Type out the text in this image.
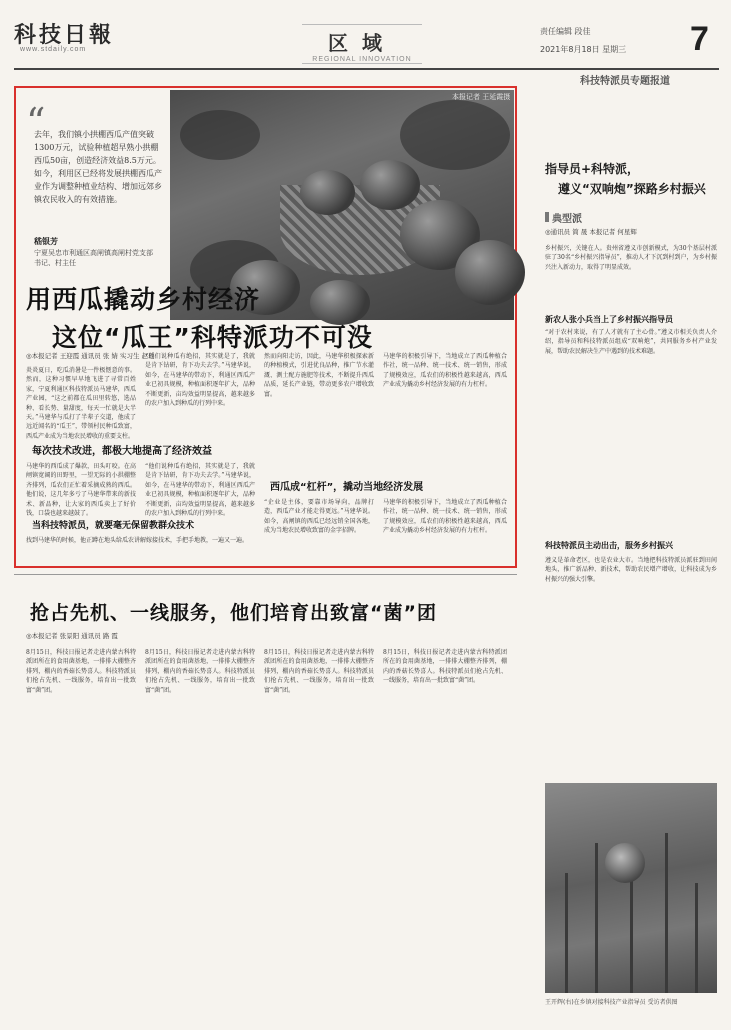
科技日報
www.stdaily.com	区域
REGIONAL INNOVATION
责任编辑 段佳
2021年8月18日 星期三 7
科技特派员专题报道
本报记者 王延霞摄
“
去年，我们镇小拱棚西瓜产值突破1300万元，试验种植超早熟小拱棚西瓜50亩，创造经济效益8.5万元。如今，利用区已经将发展拱棚西瓜产业作为调整种植业结构、增加远郊乡镇农民收入的有效措施。
嵇银芳
宁夏吴忠市利通区高闸镇高闸村党支部书记、村主任
用西瓜撬动乡村经济
这位“瓜王”科特派功不可没
◎本报记者 王迎霞 通讯员 张 婧 实习生 赵瑶
炎炎夏日，吃瓜消暑是一件极惬意的事。然而，这种习惯早早地飞进了寻常百姓家，宁夏利通区科技特派员马建华，西瓜产业园，“这之前都在瓜田里转悠，选品种、看长势、量甜度，每天一忙就是大半天。”马建华与瓜打了半辈子交道，他成了远近闻名的“瓜王”，带领村民种瓜致富，西瓜产业成为当地农民增收的重要支柱。
每次技术改进，都极大地提高了经济效益
马建华的西瓜成了爆款，田头叮咬。在高闸镇宽阔的田野里，一望无际的小拱棚整齐排列，瓜农们正忙着采摘成熟的西瓜。他们说，这几年多亏了马建华带来的新技术、新品种，让大家的西瓜卖上了好价钱，口袋也越来越鼓了。
“他们说种瓜有绝招，其实就是了，我就是肯下钻研，肯下功夫去学。”马建华说，如今，在马建华的带动下，利通区西瓜产业已初具规模，种植面积逐年扩大，品种不断更新，亩均效益明显提高，越来越多的农户加入到种瓜的行列中来。
“他们说种瓜有绝招，其实就是了，我就是肯下钻研，肯下功夫去学。”马建华说，如今，在马建华的带动下，利通区西瓜产业已初具规模，种植面积逐年扩大，品种不断更新，亩均效益明显提高，越来越多的农户加入到种瓜的行列中来。
然而向阳走访，因此，马建华积极探索新的种植模式，引进优良品种，推广节水灌溉、测土配方施肥等技术，不断提升西瓜品质，延长产业链，带动更多农户增收致富。
西瓜成“杠杆”，撬动当地经济发展
“企业是主体，要靠市场导向，品牌打造，西瓜产业才能走得更远。”马建华说。如今，高闸镇的西瓜已经远销全国各地，成为当地农民增收致富的金字招牌。
马建华的积极引导下，当地成立了西瓜种植合作社，统一品种、统一技术、统一销售，形成了规模效应，瓜农们的积极性越来越高，西瓜产业成为撬动乡村经济发展的有力杠杆。
马建华的积极引导下，当地成立了西瓜种植合作社，统一品种、统一技术、统一销售，形成了规模效应，瓜农们的积极性越来越高，西瓜产业成为撬动乡村经济发展的有力杠杆。
当科技特派员，就要毫无保留教群众技术
找到马建华的时候，他正蹲在地头给瓜农讲解嫁接技术，手把手地教，一遍又一遍。
指导员+科特派，
遵义“双响炮”探路乡村振兴
典型派
◎通讯员 简 晟 本报记者 何星辉
乡村振兴，关键在人。贵州省遵义市创新模式，为30个基层村派驻了30名“乡村振兴指导员”，推动人才下沉到村到户，为乡村振兴注入新动力，取得了明显成效。
新农人张小兵当上了乡村振兴指导员
“对于农村来说，有了人才就有了主心骨。”遵义市相关负责人介绍，指导员和科技特派员组成“双响炮”，共同服务乡村产业发展，帮助农民解决生产中遇到的技术难题。
科技特派员主动出击，服务乡村振兴
遵义是革命老区，也是农业大市。当地把科技特派员派驻到田间地头，推广新品种、新技术，帮助农民增产增收，让科技成为乡村振兴的强大引擎。
王开辉(右)在乡镇对接科技产业指导员 受访者供图
抢占先机、一线服务，他们培育出致富“菌”团
◎本报记者 张景阳 通讯员 路 霞
8月15日，科技日报记者走进内蒙古科特派团所在的食用菌基地，一排排大棚整齐排列，棚内的香菇长势喜人。科技特派员们抢占先机、一线服务，培育出一批致富“菌”团。
8月15日，科技日报记者走进内蒙古科特派团所在的食用菌基地，一排排大棚整齐排列，棚内的香菇长势喜人。科技特派员们抢占先机、一线服务，培育出一批致富“菌”团。
8月15日，科技日报记者走进内蒙古科特派团所在的食用菌基地，一排排大棚整齐排列，棚内的香菇长势喜人。科技特派员们抢占先机、一线服务，培育出一批致富“菌”团。
8月15日，科技日报记者走进内蒙古科特派团所在的食用菌基地，一排排大棚整齐排列，棚内的香菇长势喜人。科技特派员们抢占先机、一线服务，培育出一批致富“菌”团。
